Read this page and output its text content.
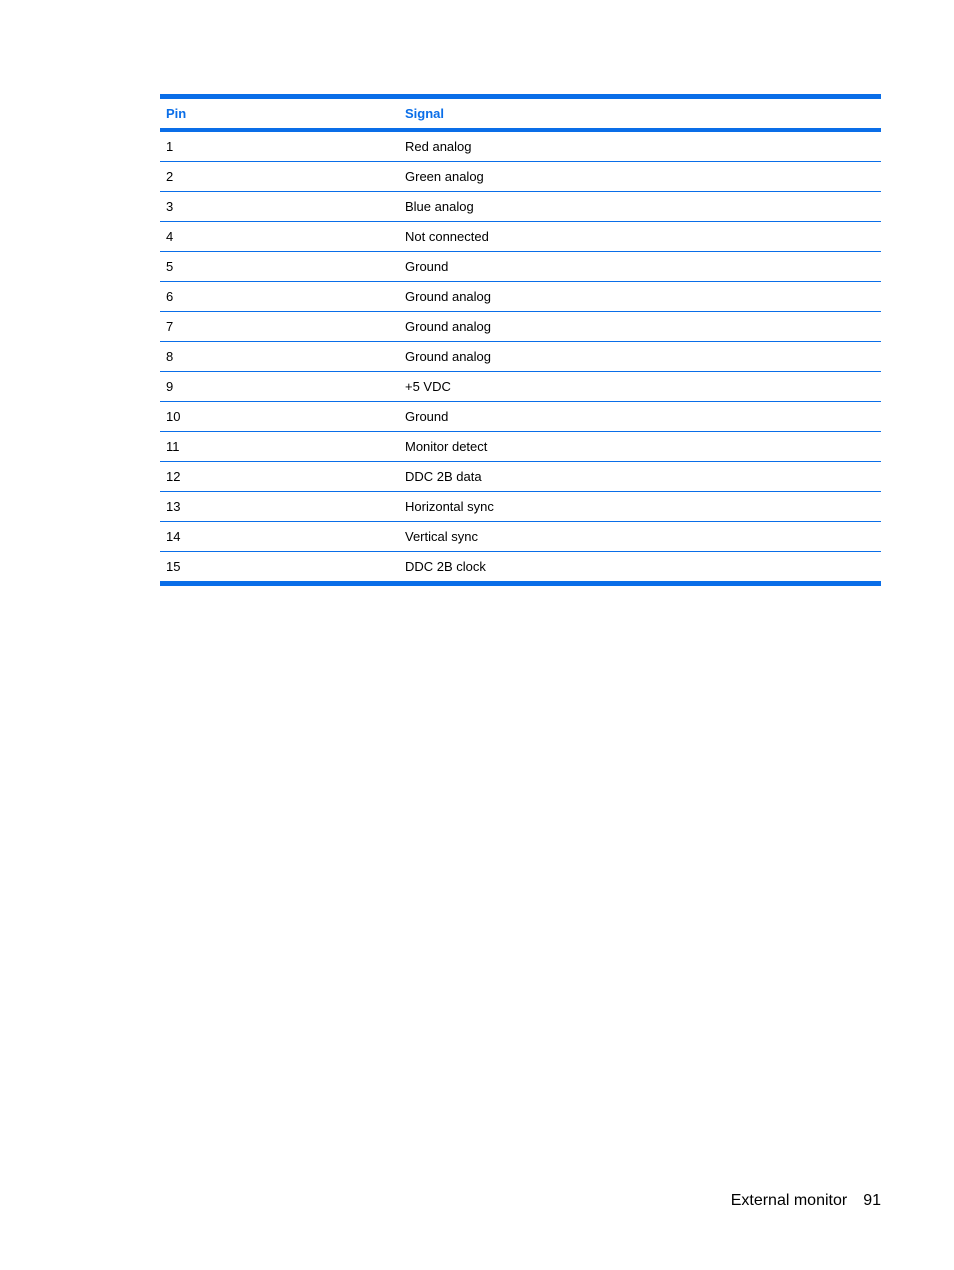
Pin	Signal
1	Red analog
2	Green analog
3	Blue analog
4	Not connected
5	Ground
6	Ground analog
7	Ground analog
8	Ground analog
9	+5 VDC
10	Ground
11	Monitor detect
12	DDC 2B data
13	Horizontal sync
14	Vertical sync
15	DDC 2B clock
External monitor 91
